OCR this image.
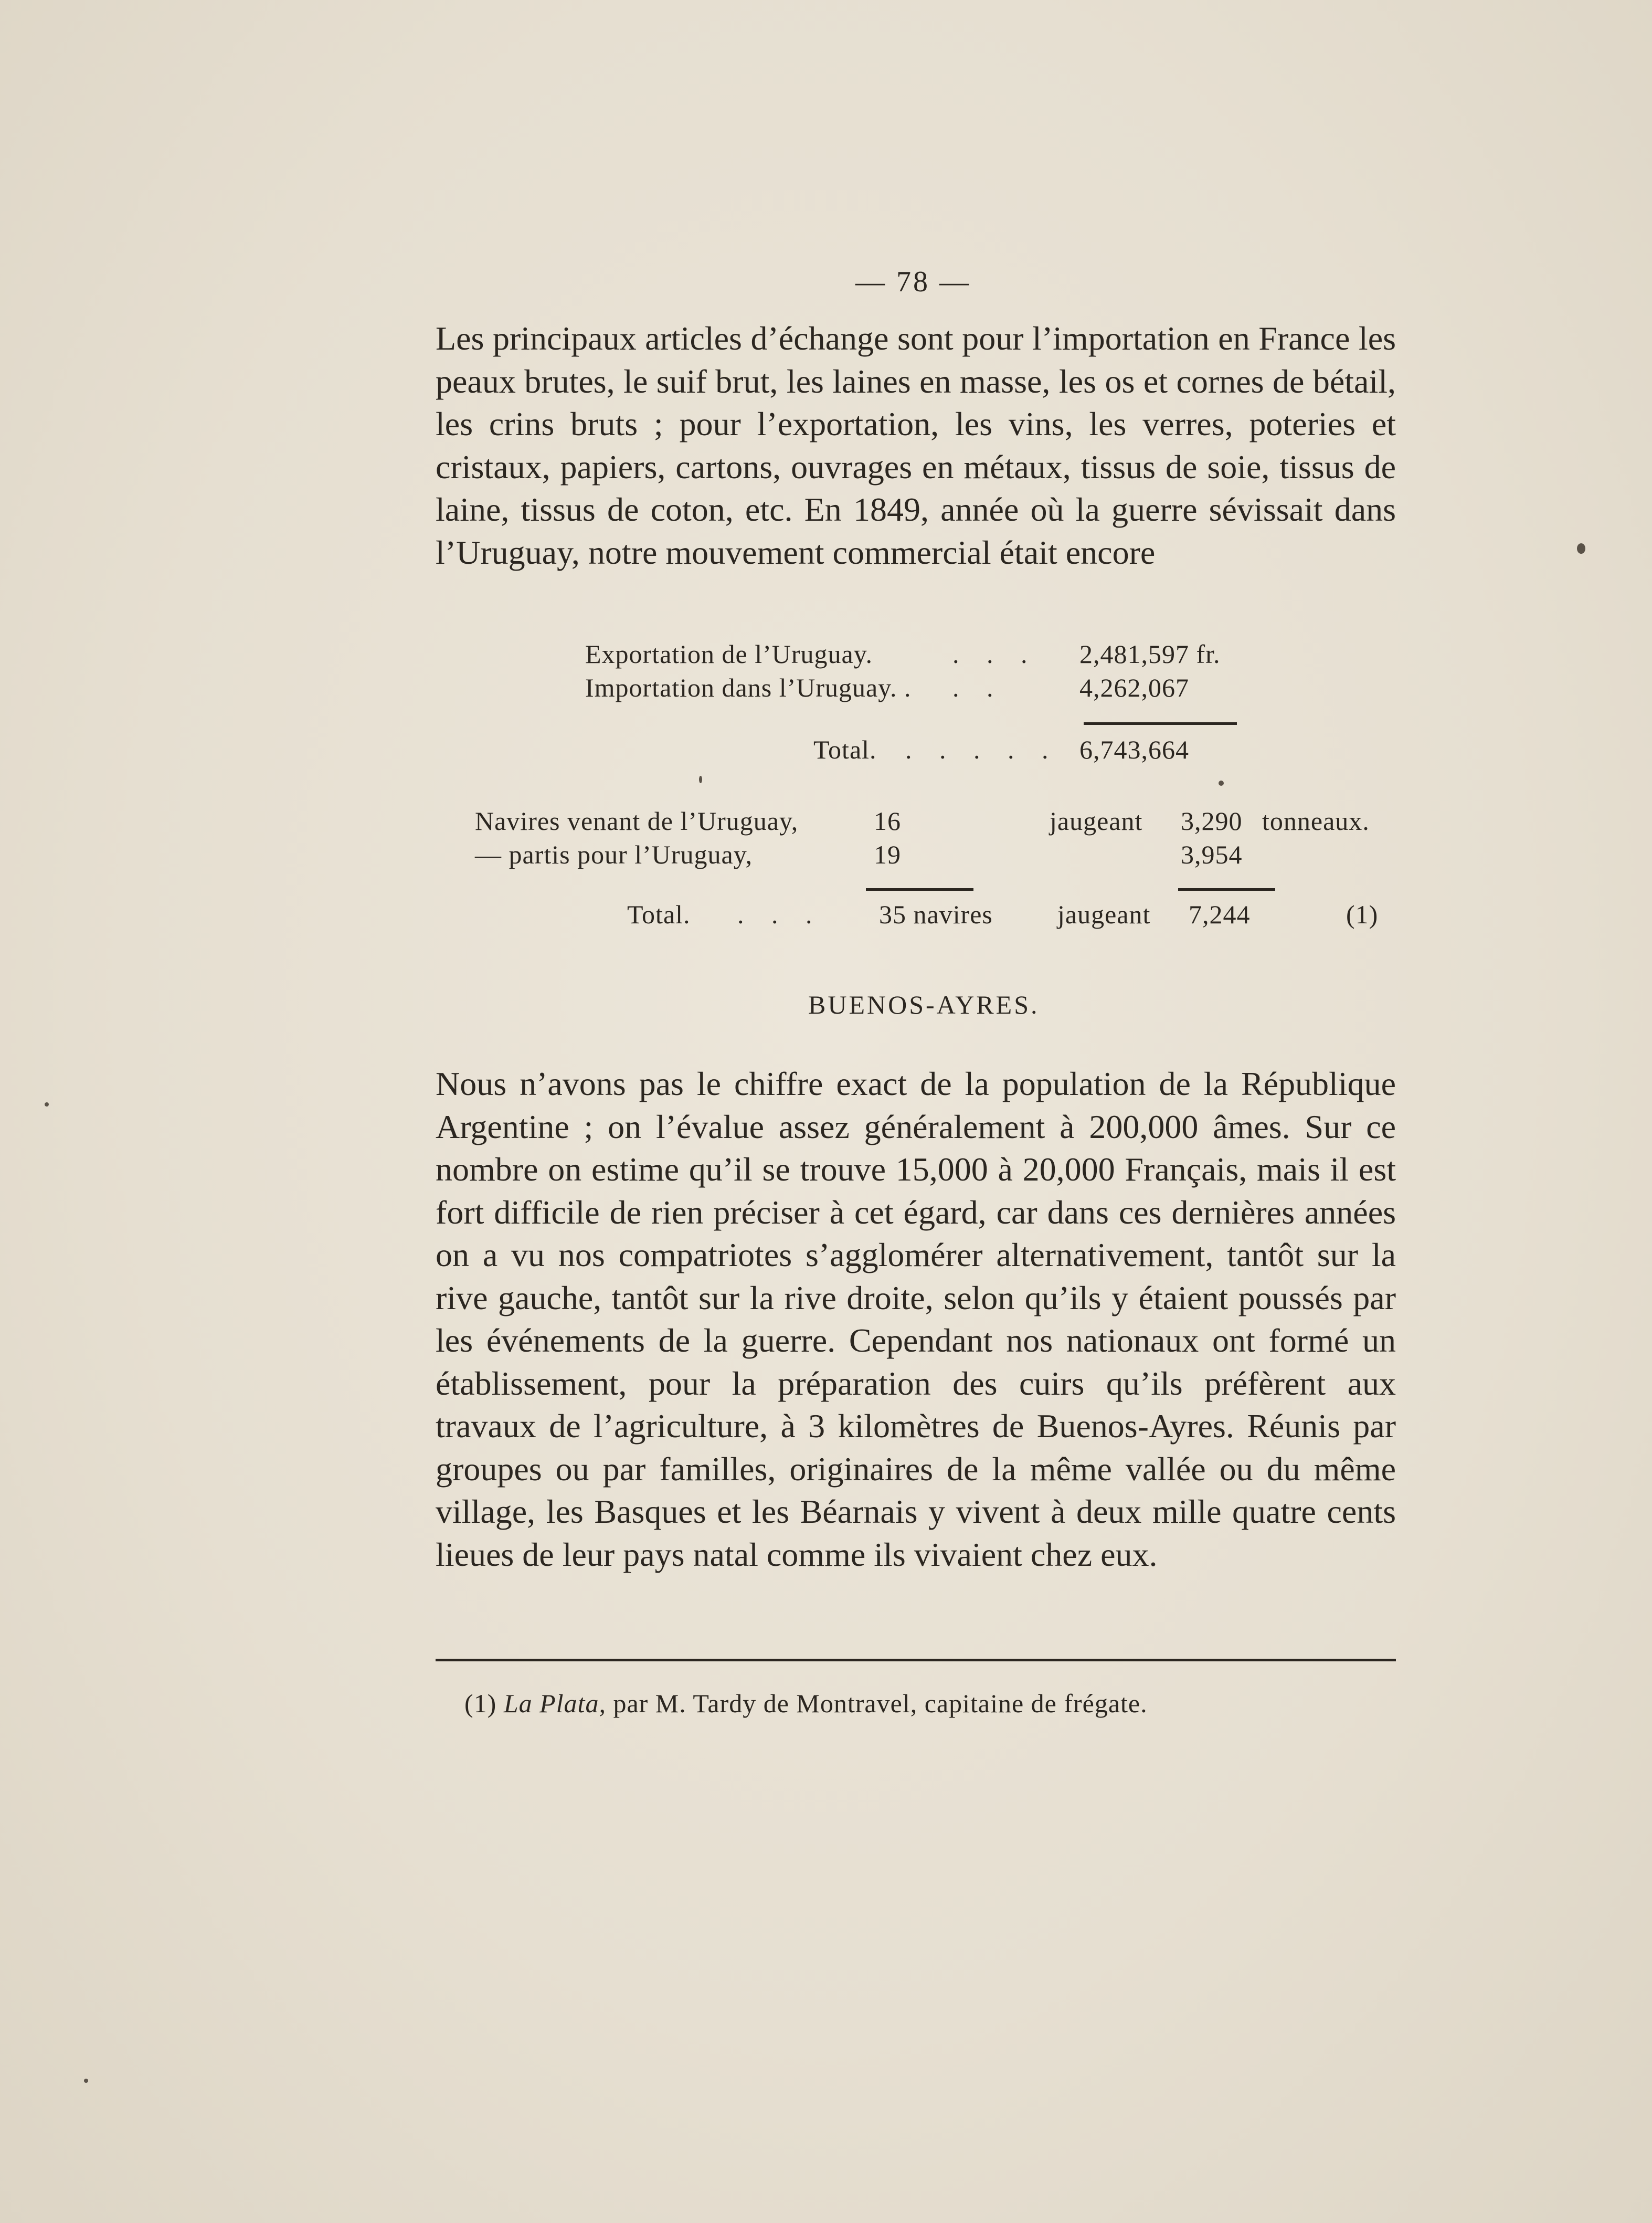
— 78 —

Les principaux articles d’échange sont pour l’importation en France les peaux brutes, le suif brut, les laines en masse, les os et cornes de bétail, les crins bruts ; pour l’exportation, les vins, les verres, poteries et cristaux, papiers, cartons, ouvrages en métaux, tissus de soie, tissus de laine, tissus de coton, etc. En 1849, année où la guerre sévissait dans l’Uruguay, notre mouvement commercial était encore

Exportation de l’Uruguay.	. . . 2,481,597 fr.
Importation dans l’Uruguay. . . .	4,262,067
Total. . . . . . 6,743,664
Navires venant de l’Uruguay,	16	jaugeant 3,290 tonneaux.
— partis pour l’Uruguay,	19	3,954
Total. . . . 35 navires jaugeant 7,244	(1)
BUENOS-AYRES.

Nous n’avons pas le chiffre exact de la population de la République Argentine ; on l’évalue assez généralement à 200,000 âmes. Sur ce nombre on estime qu’il se trouve 15,000 à 20,000 Français, mais il est fort difficile de rien préciser à cet égard, car dans ces dernières années on a vu nos compatriotes s’agglomérer alternativement, tantôt sur la rive gauche, tantôt sur la rive droite, selon qu’ils y étaient poussés par les événements de la guerre. Cependant nos nationaux ont formé un établissement, pour la préparation des cuirs qu’ils préfèrent aux travaux de l’agriculture, à 3 kilomètres de Buenos-Ayres. Réunis par groupes ou par familles, originaires de la même vallée ou du même village, les Basques et les Béarnais y vivent à deux mille quatre cents lieues de leur pays natal comme ils vivaient chez eux.

(1) La Plata, par M. Tardy de Montravel, capitaine de frégate.
